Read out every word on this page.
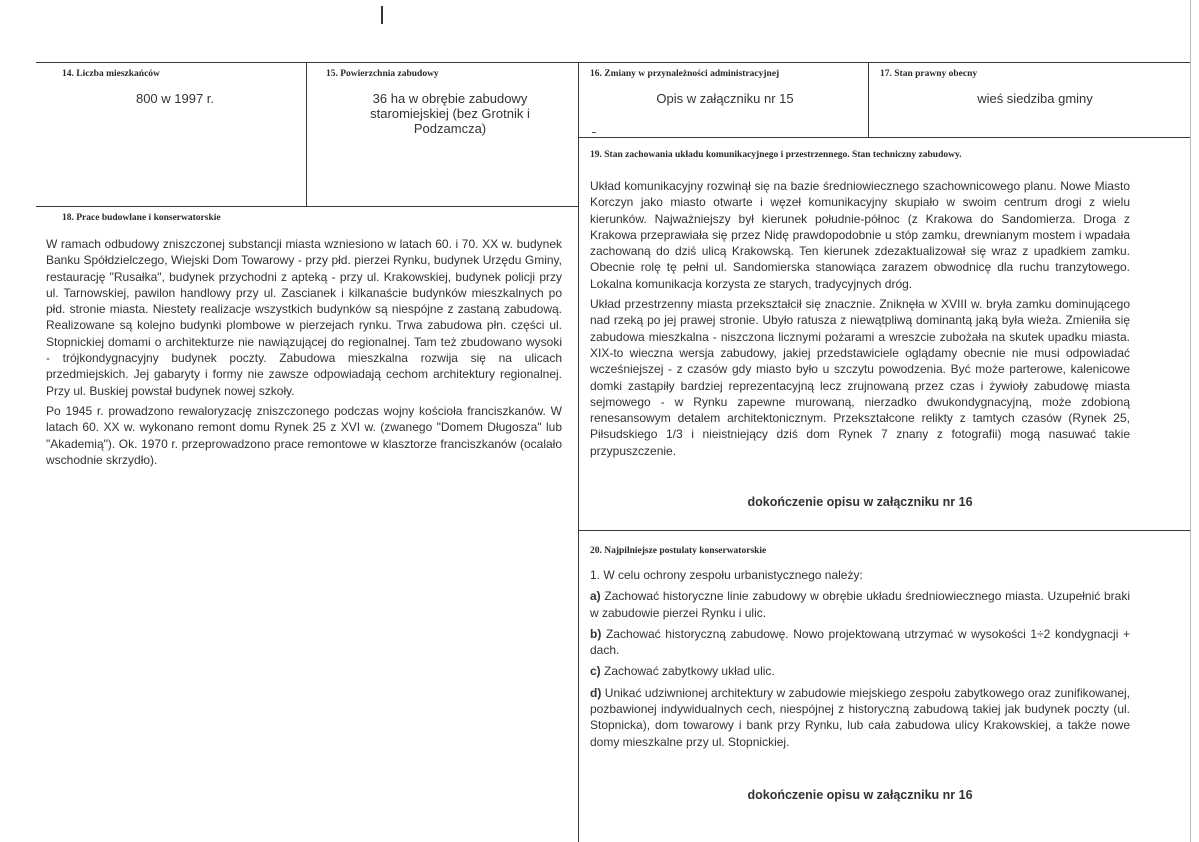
14. Liczba mieszkańców
800 w 1997 r.
15. Powierzchnia zabudowy
36 ha w obrębie zabudowy staromiejskiej (bez Grotnik i Podzamcza)
16. Zmiany w przynależności administracyjnej
Opis w załączniku nr 15
17. Stan prawny obecny
wieś siedziba gminy
18. Prace budowlane i konserwatorskie

W ramach odbudowy zniszczonej substancji miasta wzniesiono w latach 60. i 70. XX w. budynek Banku Spółdzielczego, Wiejski Dom Towarowy - przy płd. pierzei Rynku, budynek Urzędu Gminy, restaurację "Rusałka", budynek przychodni z apteką - przy ul. Krakowskiej, budynek policji przy ul. Tarnowskiej, pawilon handlowy przy ul. Zascianek i kilkanaście budynków mieszkalnych po płd. stronie miasta. Niestety realizacje wszystkich budynków są niespójne z zastaną zabudową. Realizowane są kolejno budynki plombowe w pierzejach rynku. Trwa zabudowa płn. części ul. Stopnickiej domami o architekturze nie nawiązującej do regionalnej. Tam też zbudowano wysoki - trójkondygnacyjny budynek poczty. Zabudowa mieszkalna rozwija się na ulicach przedmiejskich. Jej gabaryty i formy nie zawsze odpowiadają cechom architektury regionalnej. Przy ul. Buskiej powstał budynek nowej szkoły.

Po 1945 r. prowadzono rewaloryzację zniszczonego podczas wojny kościoła franciszkanów. W latach 60. XX w. wykonano remont domu Rynek 25 z XVI w. (zwanego "Domem Długosza" lub "Akademią"). Ok. 1970 r. przeprowadzono prace remontowe w klasztorze franciszkanów (ocalało wschodnie skrzydło).

19. Stan zachowania układu komunikacyjnego i przestrzennego. Stan techniczny zabudowy.

Układ komunikacyjny rozwinął się na bazie średniowiecznego szachownicowego planu. Nowe Miasto Korczyn jako miasto otwarte i węzeł komunikacyjny skupiało w swoim centrum drogi z wielu kierunków. Najważniejszy był kierunek południe-północ (z Krakowa do Sandomierza. Droga z Krakowa przeprawiała się przez Nidę prawdopodobnie u stóp zamku, drewnianym mostem i wpadała zachowaną do dziś ulicą Krakowską. Ten kierunek zdezaktualizował się wraz z upadkiem zamku. Obecnie rolę tę pełni ul. Sandomierska stanowiąca zarazem obwodnicę dla ruchu tranzytowego. Lokalna komunikacja korzysta ze starych, tradycyjnych dróg.

Układ przestrzenny miasta przekształcił się znacznie. Zniknęła w XVIII w. bryła zamku dominującego nad rzeką po jej prawej stronie. Ubyło ratusza z niewątpliwą dominantą jaką była wieża. Zmieniła się zabudowa mieszkalna - niszczona licznymi pożarami a wreszcie zubożała na skutek upadku miasta. XIX-to wieczna wersja zabudowy, jakiej przedstawiciele oglądamy obecnie nie musi odpowiadać wcześniejszej - z czasów gdy miasto było u szczytu powodzenia. Być może parterowe, kalenicowe domki zastąpiły bardziej reprezentacyjną lecz zrujnowaną przez czas i żywioły zabudowę miasta sejmowego - w Rynku zapewne murowaną, nierzadko dwukondygnacyjną, może zdobioną renesansowym detalem architektonicznym. Przekształcone relikty z tamtych czasów (Rynek 25, Piłsudskiego 1/3 i nieistniejący dziś dom Rynek 7 znany z fotografii) mogą nasuwać takie przypuszczenie.

dokończenie opisu w załączniku nr 16
20. Najpilniejsze postulaty konserwatorskie

1. W celu ochrony zespołu urbanistycznego należy:

a) Zachować historyczne linie zabudowy w obrębie układu średniowiecznego miasta. Uzupełnić braki w zabudowie pierzei Rynku i ulic.

b) Zachować historyczną zabudowę. Nowo projektowaną utrzymać w wysokości 1÷2 kondygnacji + dach.

c) Zachować zabytkowy układ ulic.

d) Unikać udziwnionej architektury w zabudowie miejskiego zespołu zabytkowego oraz zunifikowanej, pozbawionej indywidualnych cech, niespójnej z historyczną zabudową takiej jak budynek poczty (ul. Stopnicka), dom towarowy i bank przy Rynku, lub cała zabudowa ulicy Krakowskiej, a także nowe domy mieszkalne przy ul. Stopnickiej.

dokończenie opisu w załączniku nr 16
